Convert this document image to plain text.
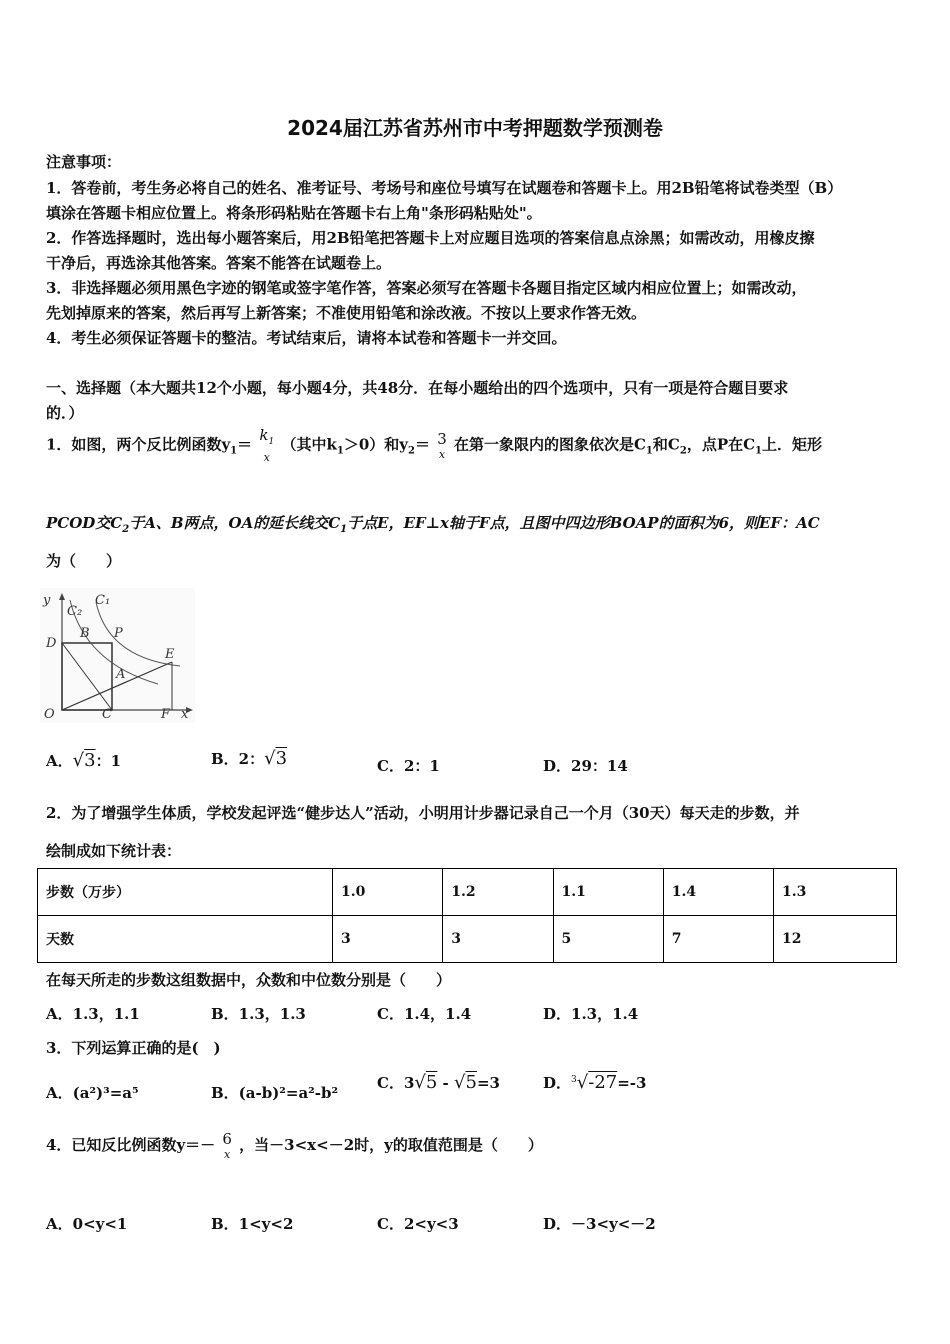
2024届江苏省苏州市中考押题数学预测卷
注意事项：
1．答卷前，考生务必将自己的姓名、准考证号、考场号和座位号填写在试题卷和答题卡上。用2B铅笔将试卷类型（B）
填涂在答题卡相应位置上。将条形码粘贴在答题卡右上角"条形码粘贴处"。
2．作答选择题时，选出每小题答案后，用2B铅笔把答题卡上对应题目选项的答案信息点涂黑；如需改动，用橡皮擦
干净后，再选涂其他答案。答案不能答在试题卷上。
3．非选择题必须用黑色字迹的钢笔或签字笔作答，答案必须写在答题卡各题目指定区域内相应位置上；如需改动，
先划掉原来的答案，然后再写上新答案；不准使用铅笔和涂改液。不按以上要求作答无效。
4．考生必须保证答题卡的整洁。考试结束后，请将本试卷和答题卡一并交回。
一、选择题（本大题共12个小题，每小题4分，共48分．在每小题给出的四个选项中，只有一项是符合题目要求
的．）
1．如图，两个反比例函数$y_1=$
$k_1$
x
（其中$k_1>0$）和$y_2= 3$
x
在第一象限内的图象依次是$C_1$和$C_2$，点P在$C_1$上．矩形
PCOD交$C_2$于A、B两点，OA的延长线交$C_1$于点E，EF⊥x轴于F点，且图中四边形BOAP的面积为6，则EF：AC
为（　　）
y
C₂
C₁
D
B P
E
A
O	C	F x
A．√3：1	B．2：√3	C．2：1	D．29：14
2．为了增强学生体质，学校发起评选“健步达人”活动，小明用计步器记录自己一个月（30天）每天走的步数，并
绘制成如下统计表：
步数（万步）	1.0	1.2	1.1	1.4	1.3
天数	3	3	5	7	12
在每天所走的步数这组数据中，众数和中位数分别是（　　）
A．1.3，1.1	B．1.3，1.3	C．1.4，1.4	D．1.3，1.4
3．下列运算正确的是(　)
A．(a²)³=a⁵	B．(a-b)²=a²-b²
C．3√5 - √5=3	D．$^3$√-27=-3
4．已知反比例函数y＝－ 6
x
，当－3<x<－2时，y的取值范围是（　　）
A．0<y<1	B．1<y<2	C．2<y<3	D．－3<y<－2
